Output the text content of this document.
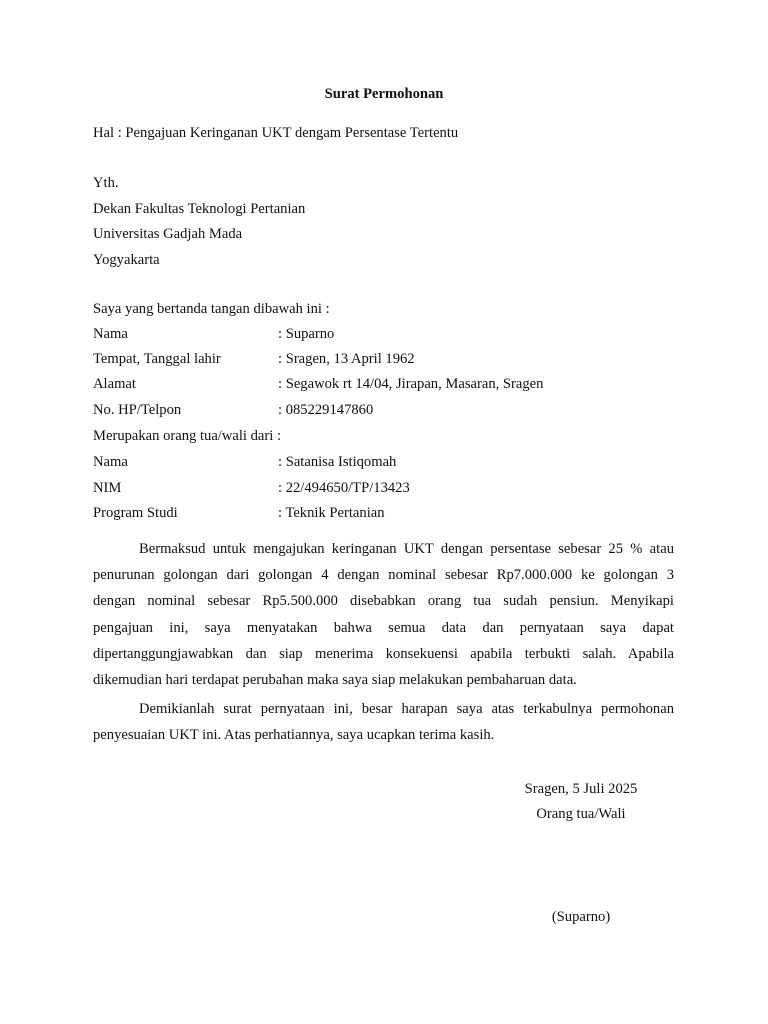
Surat Permohonan
Hal : Pengajuan Keringanan UKT dengam Persentase Tertentu
Yth.
Dekan Fakultas Teknologi Pertanian
Universitas Gadjah Mada
Yogyakarta
Saya yang bertanda tangan dibawah ini :
Nama	: Suparno
Tempat, Tanggal lahir	: Sragen, 13 April 1962
Alamat	: Segawok rt 14/04, Jirapan, Masaran, Sragen
No. HP/Telpon	: 085229147860
Merupakan orang tua/wali dari :
Nama	: Satanisa Istiqomah
NIM	: 22/494650/TP/13423
Program Studi	: Teknik Pertanian
Bermaksud untuk mengajukan keringanan UKT dengan persentase sebesar 25 % atau
penurunan golongan dari golongan 4 dengan nominal sebesar Rp7.000.000 ke golongan 3
dengan nominal sebesar Rp5.500.000 disebabkan orang tua sudah pensiun. Menyikapi
pengajuan ini, saya menyatakan bahwa semua data dan pernyataan saya dapat
dipertanggungjawabkan dan siap menerima konsekuensi apabila terbukti salah. Apabila
dikemudian hari terdapat perubahan maka saya siap melakukan pembaharuan data.
Demikianlah surat pernyataan ini, besar harapan saya atas terkabulnya permohonan
penyesuaian UKT ini. Atas perhatiannya, saya ucapkan terima kasih.
Sragen, 5 Juli 2025
Orang tua/Wali
(Suparno)
